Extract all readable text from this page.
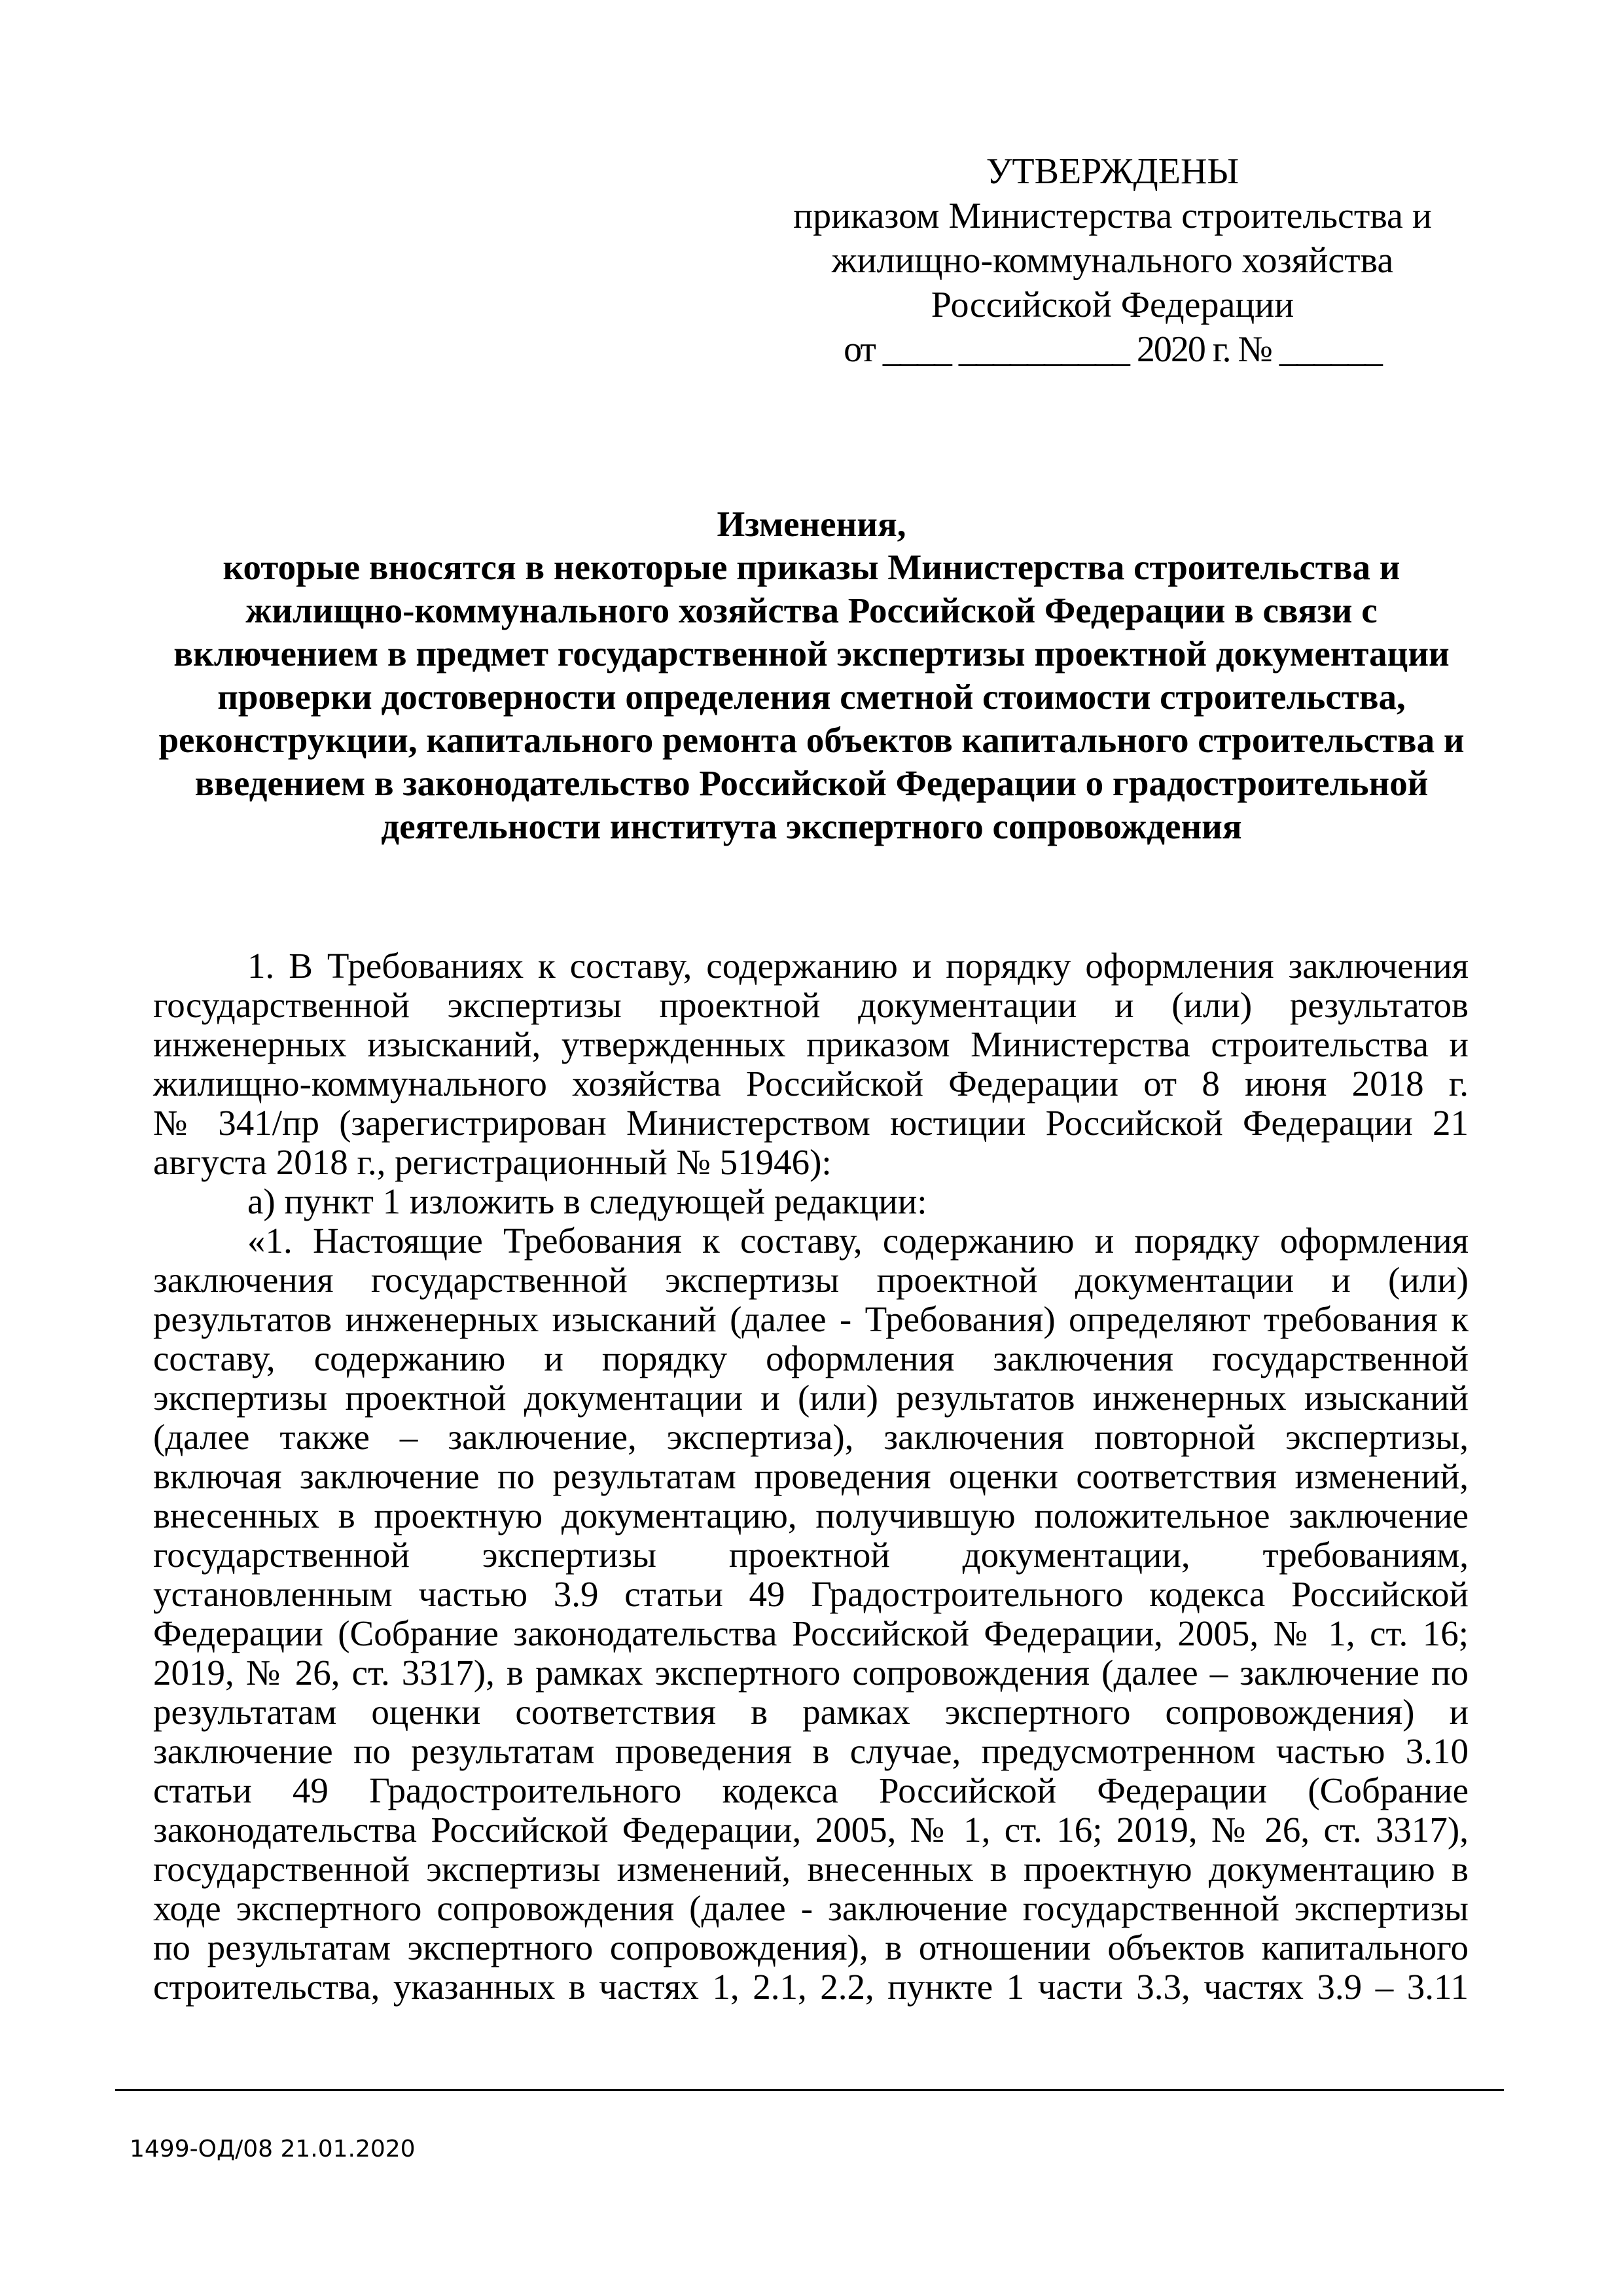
УТВЕРЖДЕНЫ
приказом Министерства строительства и
жилищно-коммунального хозяйства
Российской Федерации
от ____ __________ 2020 г. № ______
Изменения,
которые вносятся в некоторые приказы Министерства строительства и
жилищно-коммунального хозяйства Российской Федерации в связи с
включением в предмет государственной экспертизы проектной документации
проверки достоверности определения сметной стоимости строительства,
реконструкции, капитального ремонта объектов капитального строительства и
введением в законодательство Российской Федерации о градостроительной
деятельности института экспертного сопровождения
1. В Требованиях к составу, содержанию и порядку оформления заключения
государственной экспертизы проектной документации и (или) результатов
инженерных изысканий, утвержденных приказом Министерства строительства и
жилищно-коммунального хозяйства Российской Федерации от 8 июня 2018 г.
№ 341/пр (зарегистрирован Министерством юстиции Российской Федерации 21
августа 2018 г., регистрационный № 51946):
а) пункт 1 изложить в следующей редакции:
«1. Настоящие Требования к составу, содержанию и порядку оформления
заключения государственной экспертизы проектной документации и (или)
результатов инженерных изысканий (далее - Требования) определяют требования к
составу, содержанию и порядку оформления заключения государственной
экспертизы проектной документации и (или) результатов инженерных изысканий
(далее также – заключение, экспертиза), заключения повторной экспертизы,
включая заключение по результатам проведения оценки соответствия изменений,
внесенных в проектную документацию, получившую положительное заключение
государственной экспертизы проектной документации, требованиям,
установленным частью 3.9 статьи 49 Градостроительного кодекса Российской
Федерации (Собрание законодательства Российской Федерации, 2005, № 1, ст. 16;
2019, № 26, ст. 3317), в рамках экспертного сопровождения (далее – заключение по
результатам оценки соответствия в рамках экспертного сопровождения) и
заключение по результатам проведения в случае, предусмотренном частью 3.10
статьи 49 Градостроительного кодекса Российской Федерации (Собрание
законодательства Российской Федерации, 2005, № 1, ст. 16; 2019, № 26, ст. 3317),
государственной экспертизы изменений, внесенных в проектную документацию в
ходе экспертного сопровождения (далее - заключение государственной экспертизы
по результатам экспертного сопровождения), в отношении объектов капитального
строительства, указанных в частях 1, 2.1, 2.2, пункте 1 части 3.3, частях 3.9 – 3.11
1499-ОД/08 21.01.2020
